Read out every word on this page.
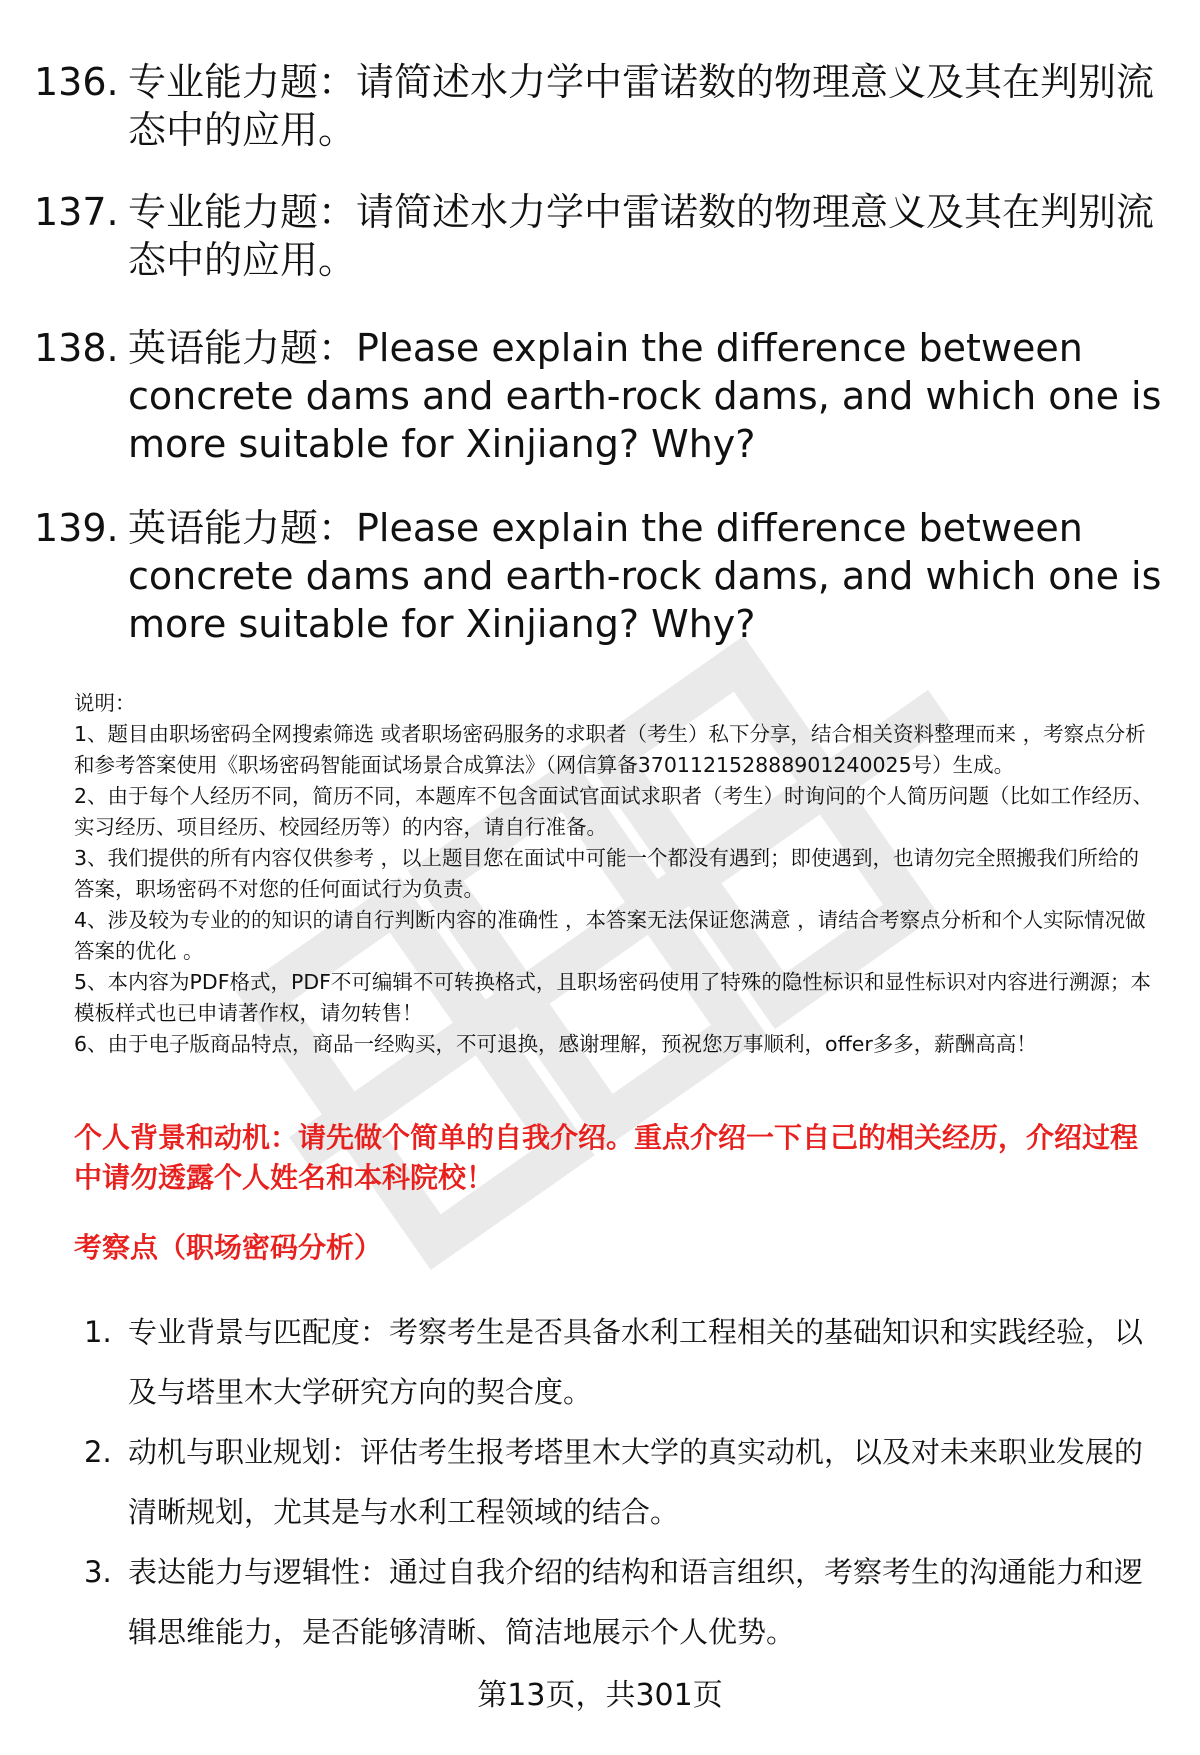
136. 专业能力题：请简述水力学中雷诺数的物理意义及其在判别流态中的应用。
137. 专业能力题：请简述水力学中雷诺数的物理意义及其在判别流态中的应用。
138. 英语能力题：Please explain the difference between concrete dams and earth-rock dams, and which one is more suitable for Xinjiang? Why?
139. 英语能力题：Please explain the difference between concrete dams and earth-rock dams, and which one is more suitable for Xinjiang? Why?
说明：
1、题目由职场密码全网搜索筛选 或者职场密码服务的求职者（考生）私下分享，结合相关资料整理而来 ，考察点分析和参考答案使用《职场密码智能面试场景合成算法》（网信算备370112152888901240025号）生成。
2、由于每个人经历不同，简历不同，本题库不包含面试官面试求职者（考生）时询问的个人简历问题（比如工作经历、实习经历、项目经历、校园经历等）的内容，请自行准备。
3、我们提供的所有内容仅供参考 ，以上题目您在面试中可能一个都没有遇到；即使遇到，也请勿完全照搬我们所给的答案，职场密码不对您的任何面试行为负责。
4、涉及较为专业的的知识的请自行判断内容的准确性 ，本答案无法保证您满意 ，请结合考察点分析和个人实际情况做答案的优化 。
5、本内容为PDF格式，PDF不可编辑不可转换格式，且职场密码使用了特殊的隐性标识和显性标识对内容进行溯源；本模板样式也已申请著作权，请勿转售！
6、由于电子版商品特点，商品一经购买，不可退换，感谢理解，预祝您万事顺利，offer多多，薪酬高高！
个人背景和动机：请先做个简单的自我介绍。重点介绍一下自己的相关经历，介绍过程中请勿透露个人姓名和本科院校！
考察点（职场密码分析）
1. 专业背景与匹配度：考察考生是否具备水利工程相关的基础知识和实践经验，以及与塔里木大学研究方向的契合度。
2. 动机与职业规划：评估考生报考塔里木大学的真实动机，以及对未来职业发展的清晰规划，尤其是与水利工程领域的结合。
3. 表达能力与逻辑性：通过自我介绍的结构和语言组织，考察考生的沟通能力和逻辑思维能力，是否能够清晰、简洁地展示个人优势。
第13页，共301页
